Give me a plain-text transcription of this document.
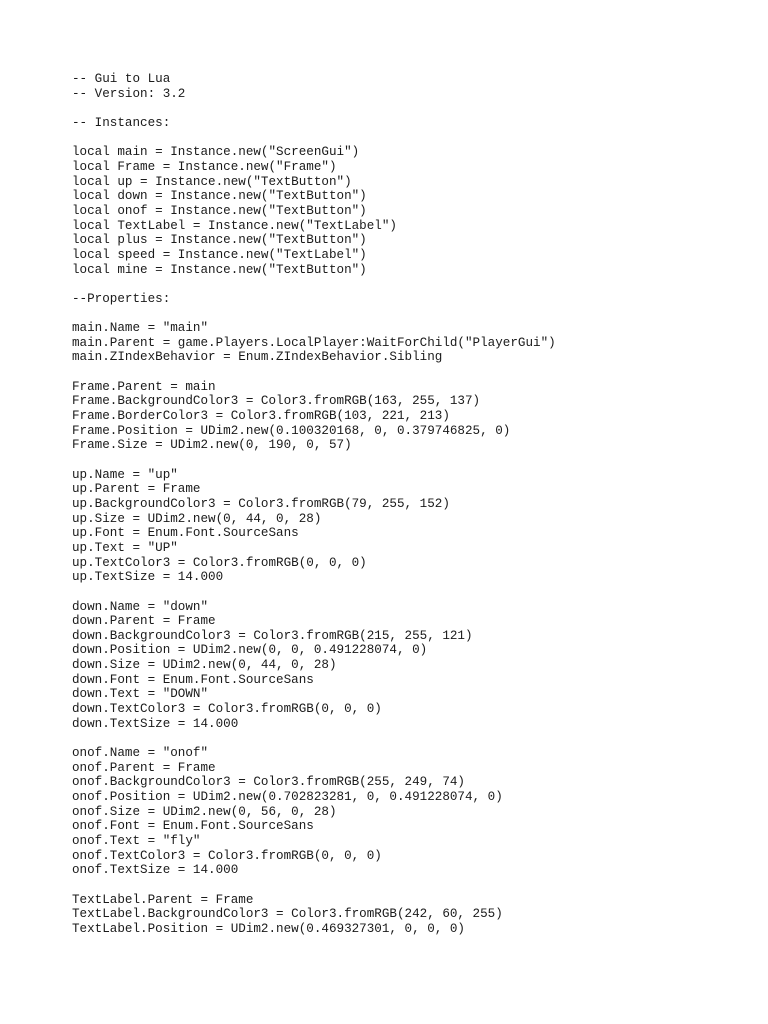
-- Gui to Lua
-- Version: 3.2
-- Instances:
local main = Instance.new("ScreenGui")
local Frame = Instance.new("Frame")
local up = Instance.new("TextButton")
local down = Instance.new("TextButton")
local onof = Instance.new("TextButton")
local TextLabel = Instance.new("TextLabel")
local plus = Instance.new("TextButton")
local speed = Instance.new("TextLabel")
local mine = Instance.new("TextButton")
--Properties:
main.Name = "main"
main.Parent = game.Players.LocalPlayer:WaitForChild("PlayerGui")
main.ZIndexBehavior = Enum.ZIndexBehavior.Sibling
Frame.Parent = main
Frame.BackgroundColor3 = Color3.fromRGB(163, 255, 137)
Frame.BorderColor3 = Color3.fromRGB(103, 221, 213)
Frame.Position = UDim2.new(0.100320168, 0, 0.379746825, 0)
Frame.Size = UDim2.new(0, 190, 0, 57)
up.Name = "up"
up.Parent = Frame
up.BackgroundColor3 = Color3.fromRGB(79, 255, 152)
up.Size = UDim2.new(0, 44, 0, 28)
up.Font = Enum.Font.SourceSans
up.Text = "UP"
up.TextColor3 = Color3.fromRGB(0, 0, 0)
up.TextSize = 14.000
down.Name = "down"
down.Parent = Frame
down.BackgroundColor3 = Color3.fromRGB(215, 255, 121)
down.Position = UDim2.new(0, 0, 0.491228074, 0)
down.Size = UDim2.new(0, 44, 0, 28)
down.Font = Enum.Font.SourceSans
down.Text = "DOWN"
down.TextColor3 = Color3.fromRGB(0, 0, 0)
down.TextSize = 14.000
onof.Name = "onof"
onof.Parent = Frame
onof.BackgroundColor3 = Color3.fromRGB(255, 249, 74)
onof.Position = UDim2.new(0.702823281, 0, 0.491228074, 0)
onof.Size = UDim2.new(0, 56, 0, 28)
onof.Font = Enum.Font.SourceSans
onof.Text = "fly"
onof.TextColor3 = Color3.fromRGB(0, 0, 0)
onof.TextSize = 14.000
TextLabel.Parent = Frame
TextLabel.BackgroundColor3 = Color3.fromRGB(242, 60, 255)
TextLabel.Position = UDim2.new(0.469327301, 0, 0, 0)
